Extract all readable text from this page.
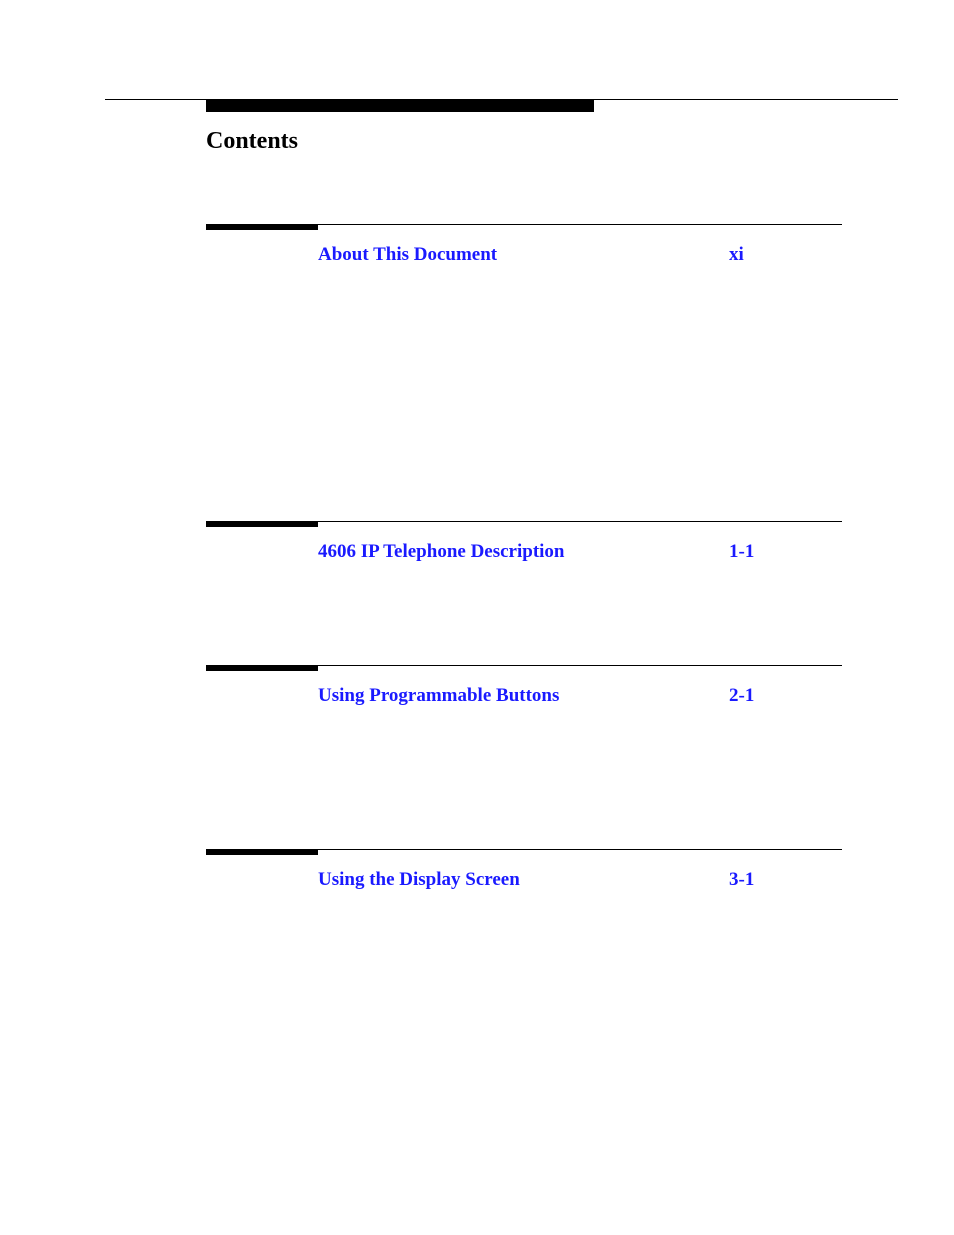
Contents
About This Document	xi
4606 IP Telephone Description	1-1
Using Programmable Buttons	2-1
Using the Display Screen	3-1
